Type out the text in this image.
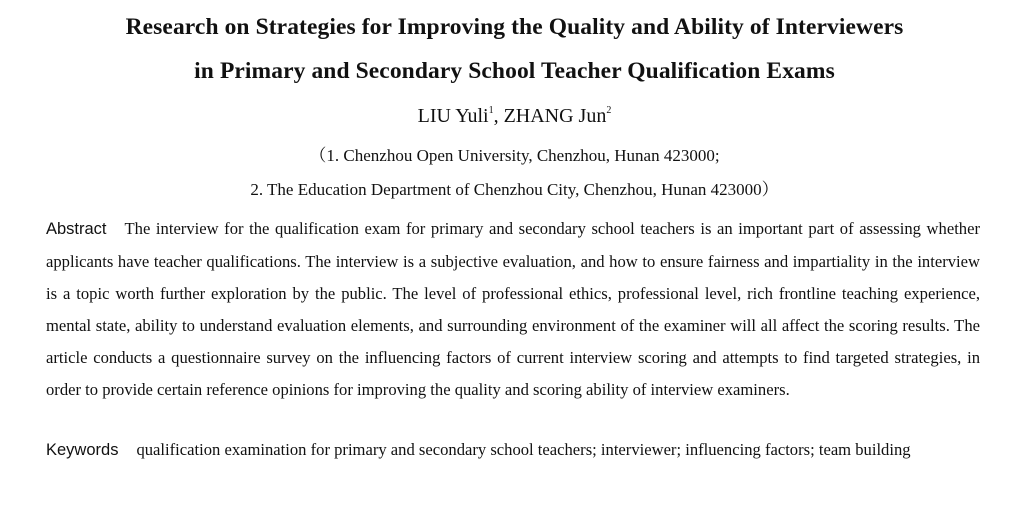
Research on Strategies for Improving the Quality and Ability of Interviewers
in Primary and Secondary School Teacher Qualification Exams
LIU Yuli$^1$, ZHANG Jun$^2$
（1. Chenzhou Open University, Chenzhou, Hunan 423000;
2. The Education Department of Chenzhou City, Chenzhou, Hunan 423000）
Abstract The interview for the qualification exam for primary and secondary school teachers is an important part of assessing whether applicants have teacher qualifications. The interview is a subjective evaluation, and how to ensure fairness and impartiality in the interview is a topic worth further exploration by the public. The level of professional ethics, professional level, rich frontline teaching experience, mental state, ability to understand evaluation elements, and surrounding environment of the examiner will all affect the scoring results. The article conducts a questionnaire survey on the influencing factors of current interview scoring and attempts to find targeted strategies, in order to provide certain reference opinions for improving the quality and scoring ability of interview examiners.
Keywords qualification examination for primary and secondary school teachers; interviewer; influencing factors; team building
